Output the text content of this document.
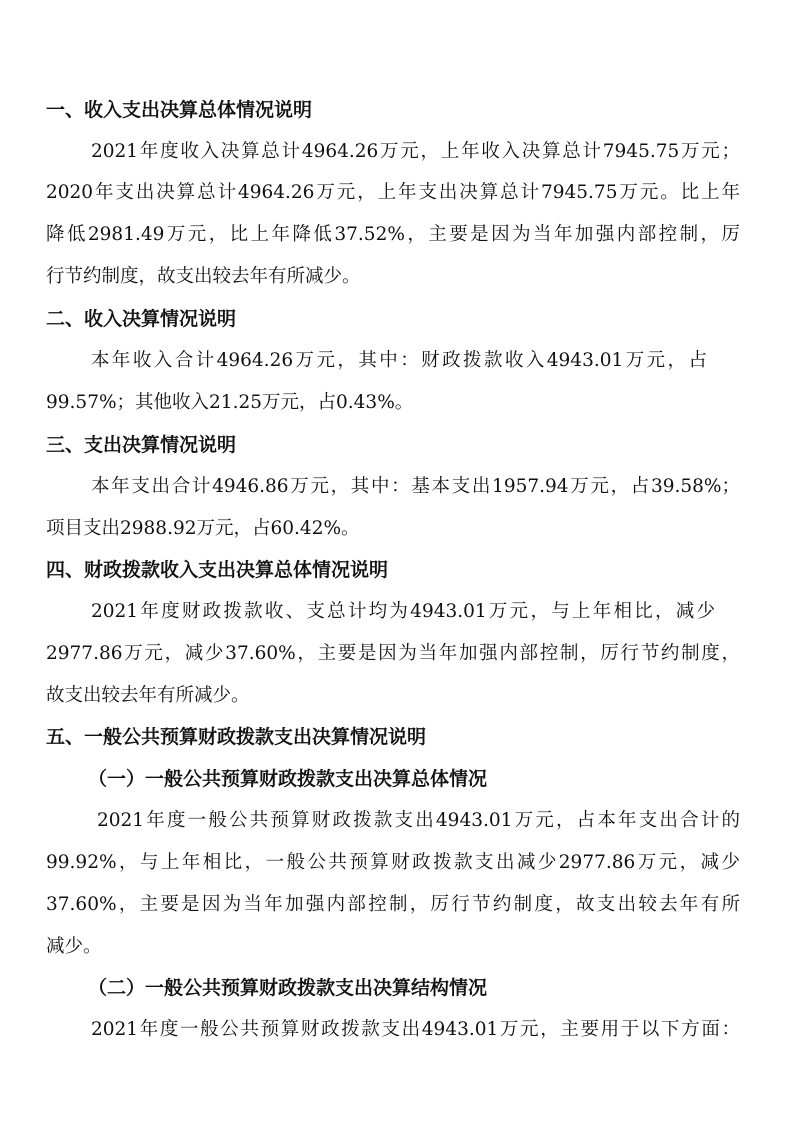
一、收入支出决算总体情况说明
2021年度收入决算总计4964.26万元，上年收入决算总计7945.75万元；
2020年支出决算总计4964.26万元，上年支出决算总计7945.75万元。比上年
降低2981.49万元，比上年降低37.52%，主要是因为当年加强内部控制，厉
行节约制度，故支出较去年有所减少。
二、收入决算情况说明
本年收入合计4964.26万元，其中：财政拨款收入4943.01万元，占
99.57%；其他收入21.25万元，占0.43%。
三、支出决算情况说明
本年支出合计4946.86万元，其中：基本支出1957.94万元，占39.58%；
项目支出2988.92万元，占60.42%。
四、财政拨款收入支出决算总体情况说明
2021年度财政拨款收、支总计均为4943.01万元，与上年相比，减少
2977.86万元，减少37.60%，主要是因为当年加强内部控制，厉行节约制度，
故支出较去年有所减少。
五、一般公共预算财政拨款支出决算情况说明
（一）一般公共预算财政拨款支出决算总体情况
2021年度一般公共预算财政拨款支出4943.01万元，占本年支出合计的
99.92%，与上年相比，一般公共预算财政拨款支出减少2977.86万元，减少
37.60%，主要是因为当年加强内部控制，厉行节约制度，故支出较去年有所
减少。
（二）一般公共预算财政拨款支出决算结构情况
2021年度一般公共预算财政拨款支出4943.01万元，主要用于以下方面：
